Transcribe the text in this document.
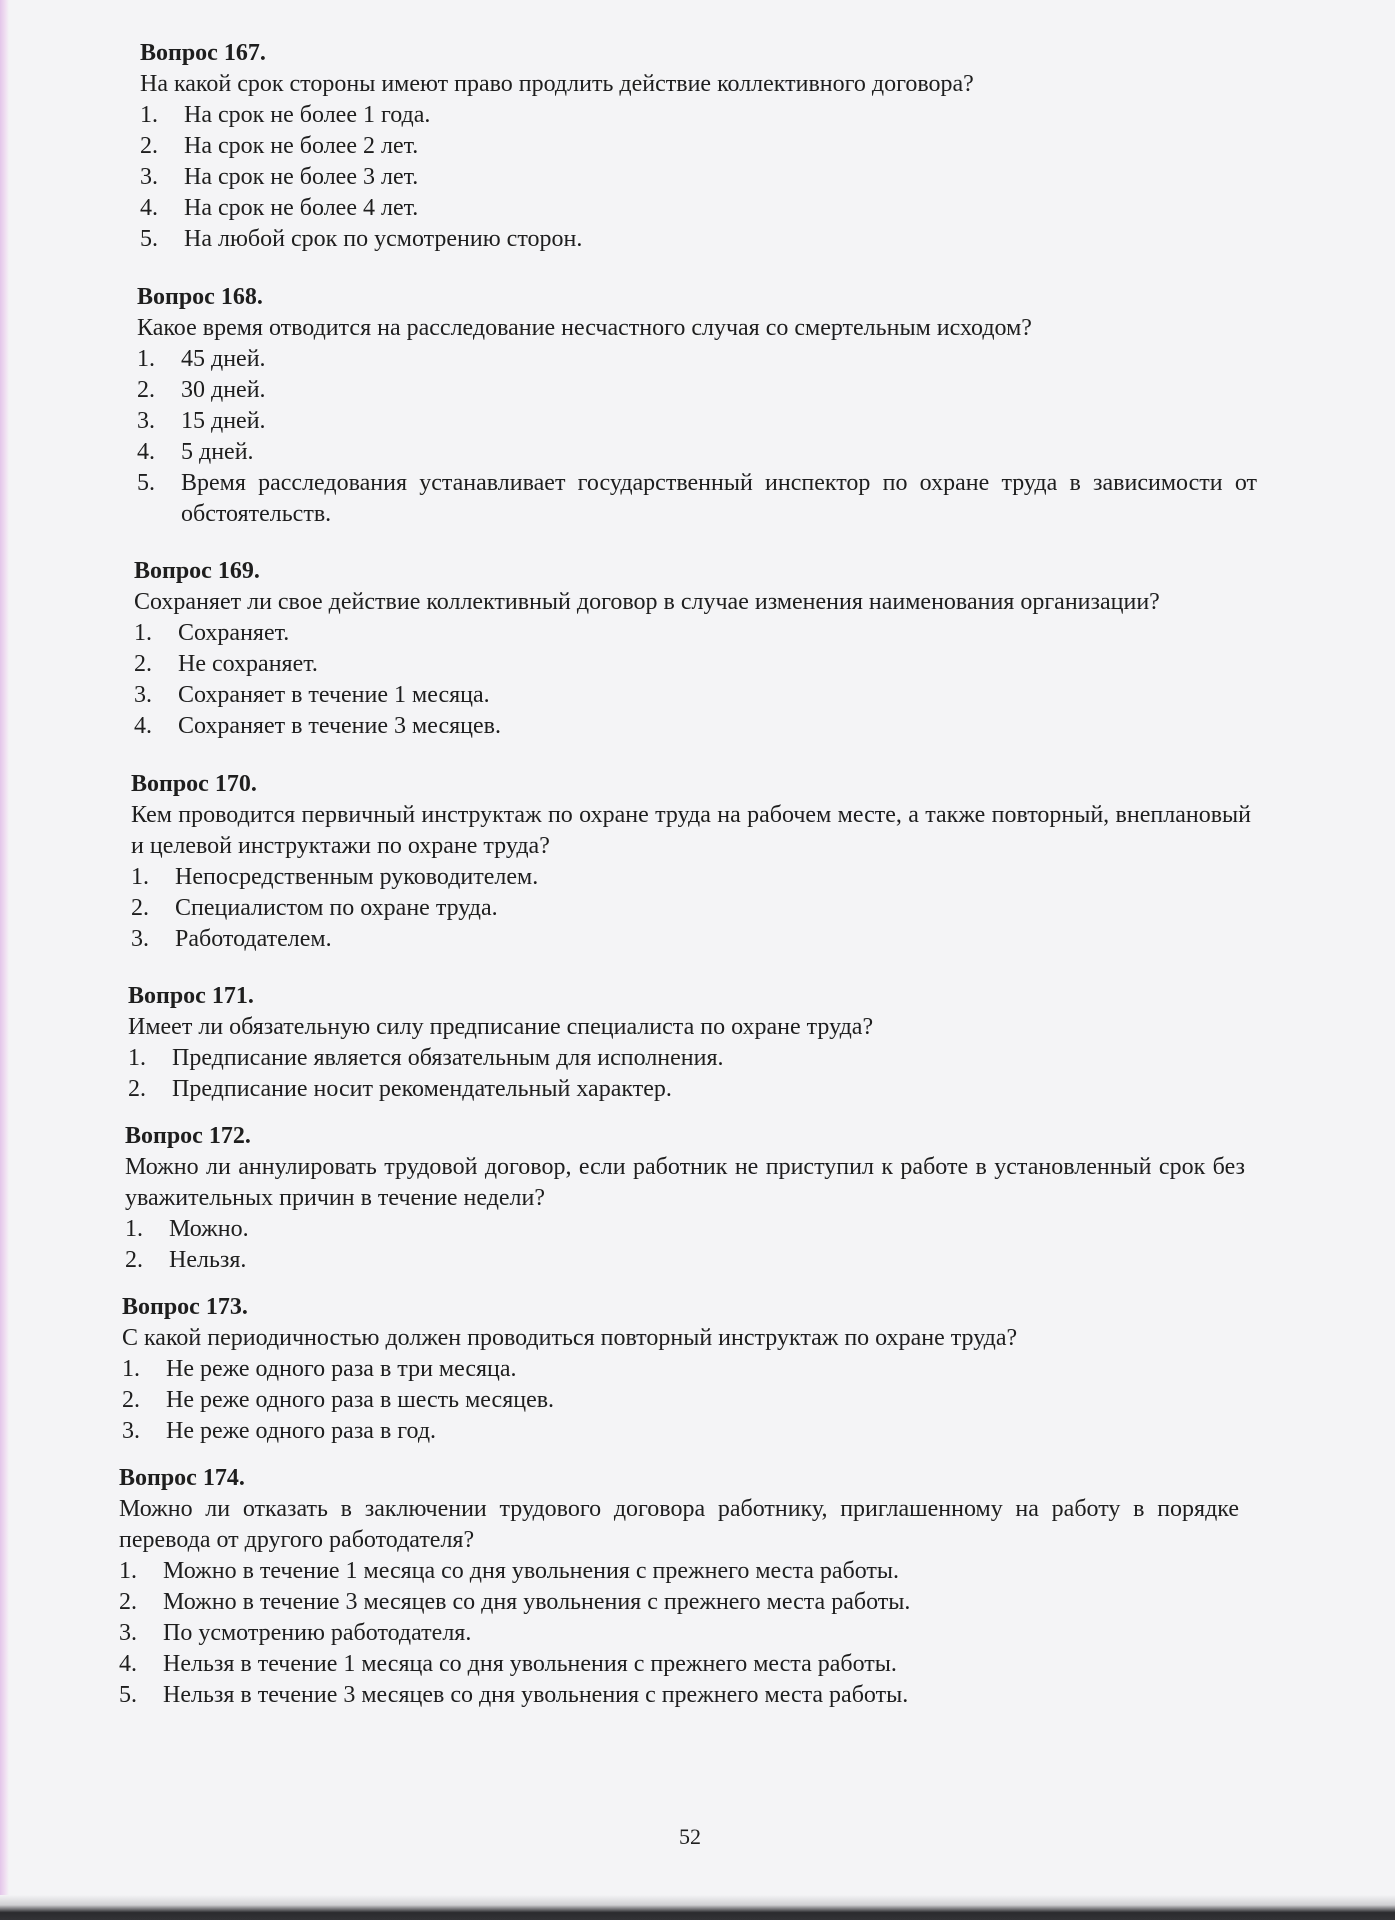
Вопрос 167.
На какой срок стороны имеют право продлить действие коллективного договора?
1.	На срок не более 1 года.
2.	На срок не более 2 лет.
3.	На срок не более 3 лет.
4.	На срок не более 4 лет.
5.	На любой срок по усмотрению сторон.
Вопрос 168.
Какое время отводится на расследование несчастного случая со смертельным исходом?
1.	45 дней.
2.	30 дней.
3.	15 дней.
4.	5 дней.
5.	Время расследования устанавливает государственный инспектор по охране труда в зависимости от обстоятельств.
Вопрос 169.
Сохраняет ли свое действие коллективный договор в случае изменения наименования организации?
1.	Сохраняет.
2.	Не сохраняет.
3.	Сохраняет в течение 1 месяца.
4.	Сохраняет в течение 3 месяцев.
Вопрос 170.
Кем проводится первичный инструктаж по охране труда на рабочем месте, а также повторный, внеплановый и целевой инструктажи по охране труда?
1.	Непосредственным руководителем.
2.	Специалистом по охране труда.
3.	Работодателем.
Вопрос 171.
Имеет ли обязательную силу предписание специалиста по охране труда?
1.	Предписание является обязательным для исполнения.
2.	Предписание носит рекомендательный характер.
Вопрос 172.
Можно ли аннулировать трудовой договор, если работник не приступил к работе в установленный срок без уважительных причин в течение недели?
1.	Можно.
2.	Нельзя.
Вопрос 173.
С какой периодичностью должен проводиться повторный инструктаж по охране труда?
1.	Не реже одного раза в три месяца.
2.	Не реже одного раза в шесть месяцев.
3.	Не реже одного раза в год.
Вопрос 174.
Можно ли отказать в заключении трудового договора работнику, приглашенному на работу в порядке перевода от другого работодателя?
1.	Можно в течение 1 месяца со дня увольнения с прежнего места работы.
2.	Можно в течение 3 месяцев со дня увольнения с прежнего места работы.
3.	По усмотрению работодателя.
4.	Нельзя в течение 1 месяца со дня увольнения с прежнего места работы.
5.	Нельзя в течение 3 месяцев со дня увольнения с прежнего места работы.
52
